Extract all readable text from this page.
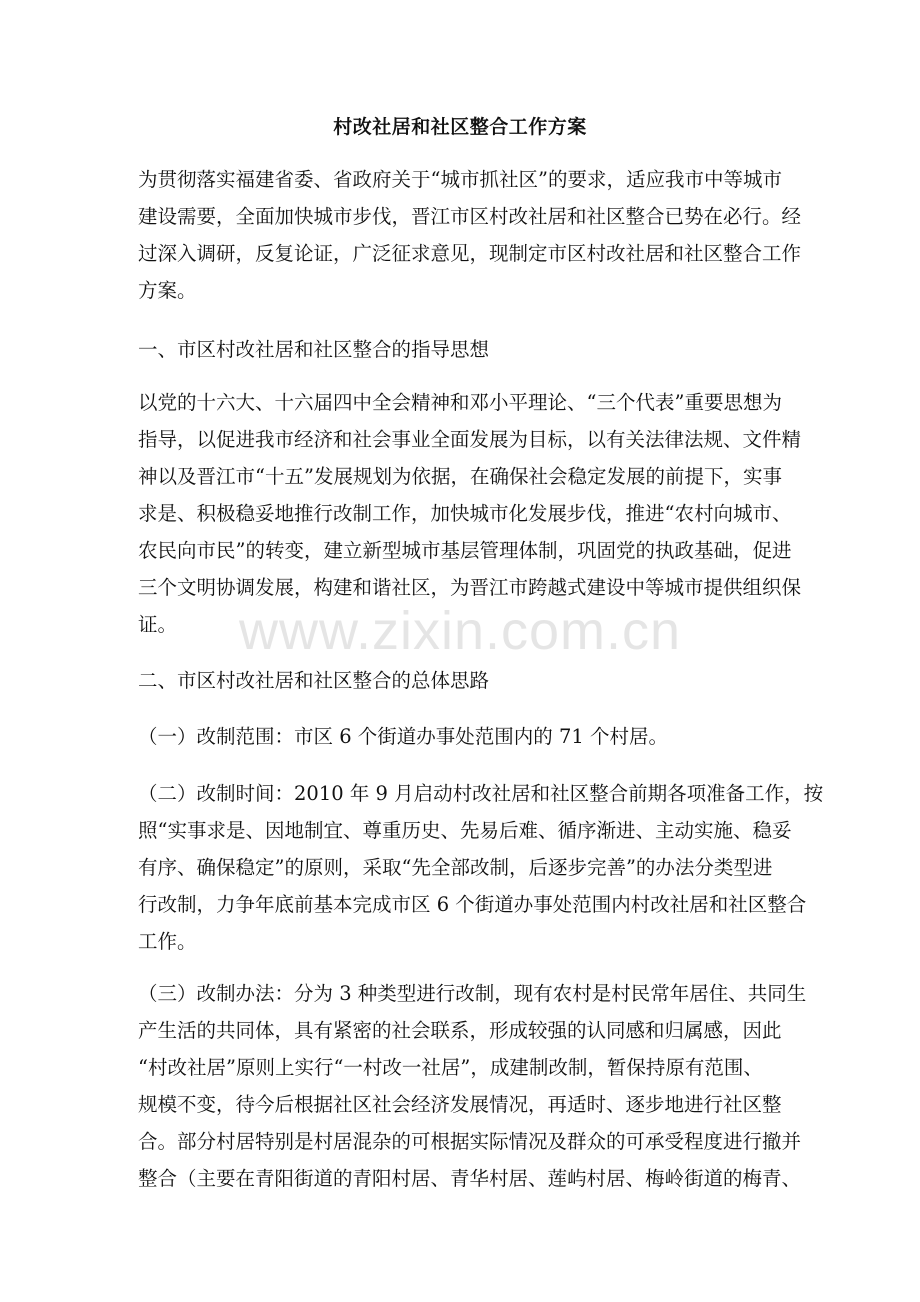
www.zixin.com.cn
村改社居和社区整合工作方案
为贯彻落实福建省委、省政府关于“城市抓社区”的要求，适应我市中等城市
建设需要，全面加快城市步伐，晋江市区村改社居和社区整合已势在必行。经
过深入调研，反复论证，广泛征求意见，现制定市区村改社居和社区整合工作
方案。
一、市区村改社居和社区整合的指导思想
以党的十六大、十六届四中全会精神和邓小平理论、“三个代表”重要思想为
指导，以促进我市经济和社会事业全面发展为目标，以有关法律法规、文件精
神以及晋江市“十五”发展规划为依据，在确保社会稳定发展的前提下，实事
求是、积极稳妥地推行改制工作，加快城市化发展步伐，推进“农村向城市、
农民向市民”的转变，建立新型城市基层管理体制，巩固党的执政基础，促进
三个文明协调发展，构建和谐社区，为晋江市跨越式建设中等城市提供组织保
证。
二、市区村改社居和社区整合的总体思路
（一）改制范围：市区 6 个街道办事处范围内的 71 个村居。
（二）改制时间：2010 年 9 月启动村改社居和社区整合前期各项准备工作，按
照“实事求是、因地制宜、尊重历史、先易后难、循序渐进、主动实施、稳妥
有序、确保稳定”的原则，采取“先全部改制，后逐步完善”的办法分类型进
行改制，力争年底前基本完成市区 6 个街道办事处范围内村改社居和社区整合
工作。
（三）改制办法：分为 3 种类型进行改制，现有农村是村民常年居住、共同生
产生活的共同体，具有紧密的社会联系，形成较强的认同感和归属感，因此
“村改社居”原则上实行“一村改一社居”，成建制改制，暂保持原有范围、
规模不变，待今后根据社区社会经济发展情况，再适时、逐步地进行社区整
合。部分村居特别是村居混杂的可根据实际情况及群众的可承受程度进行撤并
整合（主要在青阳街道的青阳村居、青华村居、莲屿村居、梅岭街道的梅青、
